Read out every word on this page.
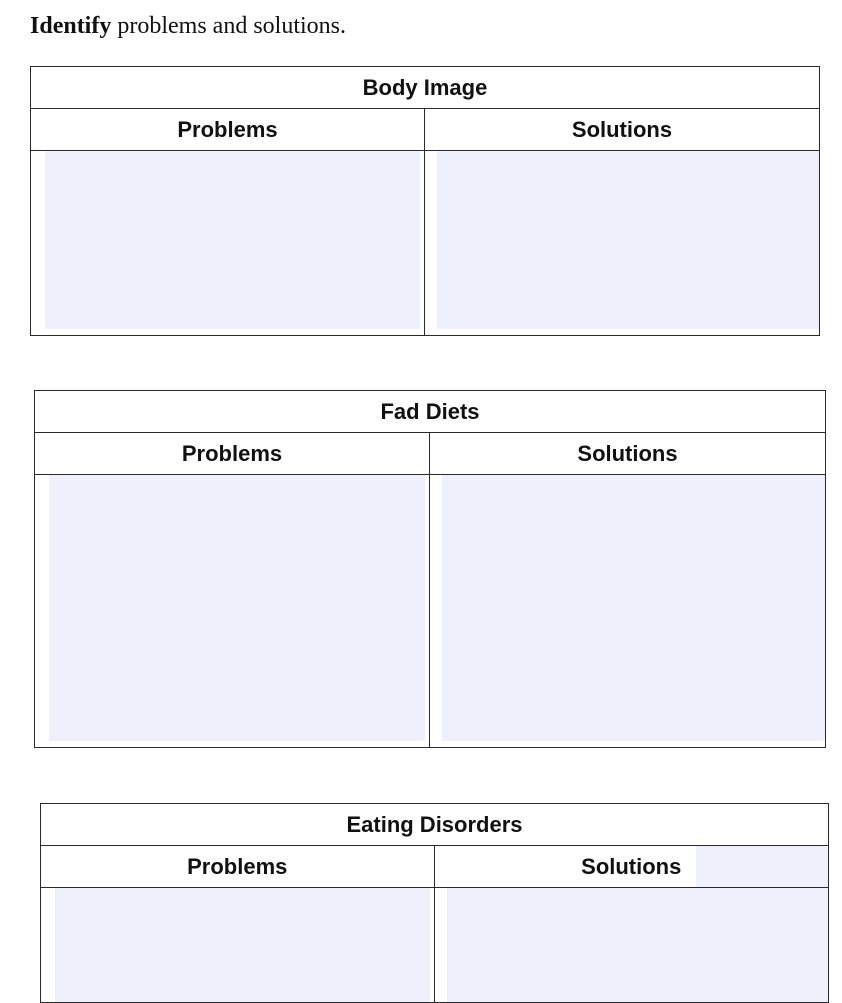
Identify problems and solutions.
Body Image
Problems	Solutions
Fad Diets
Problems	Solutions
Eating Disorders
Problems	Solutions
